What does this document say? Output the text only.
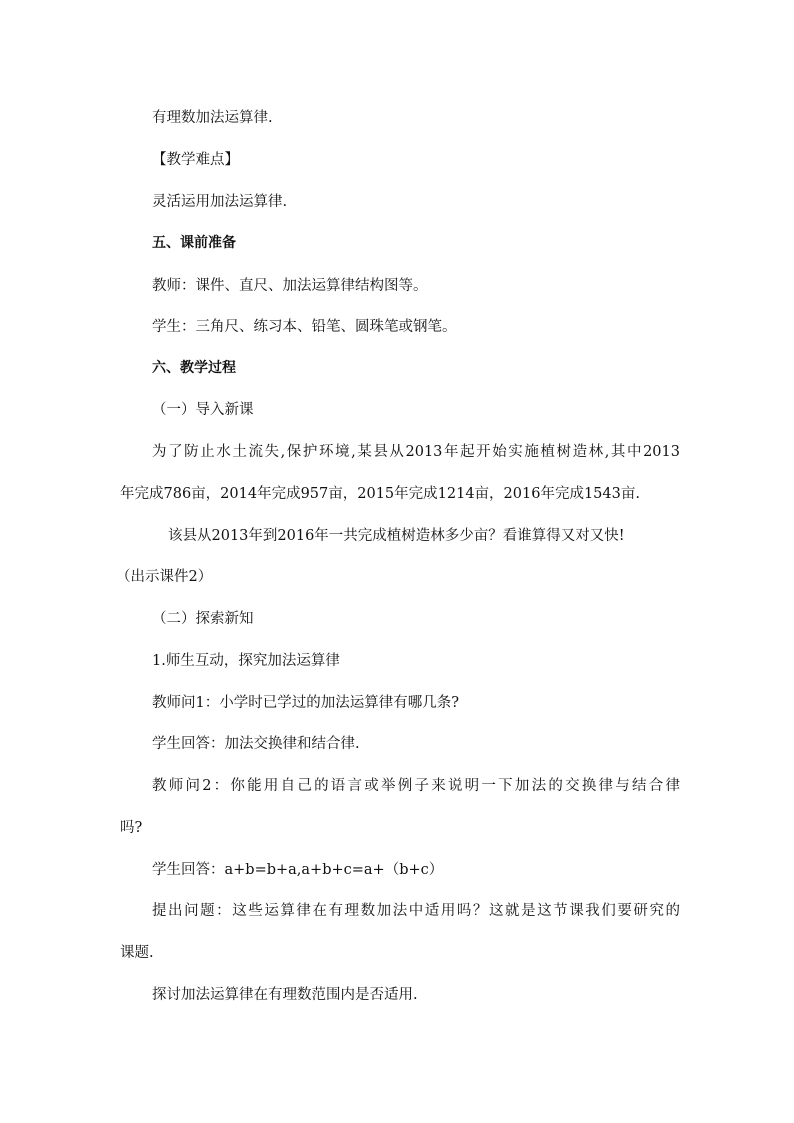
有理数加法运算律.
【教学难点】
灵活运用加法运算律.
五、课前准备
教师：课件、直尺、加法运算律结构图等。
学生：三角尺、练习本、铅笔、圆珠笔或钢笔。
六、教学过程
（一）导入新课
为了防止水土流失,保护环境,某县从2013年起开始实施植树造林,其中2013
年完成786亩，2014年完成957亩，2015年完成1214亩，2016年完成1543亩.
该县从2013年到2016年一共完成植树造林多少亩？看谁算得又对又快!
（出示课件2）
（二）探索新知
1.师生互动，探究加法运算律
教师问1：小学时已学过的加法运算律有哪几条?
学生回答：加法交换律和结合律.
教师问2：你能用自己的语言或举例子来说明一下加法的交换律与结合律
吗?
学生回答：a+b=b+a,a+b+c=a+（b+c）
提出问题：这些运算律在有理数加法中适用吗？这就是这节课我们要研究的
课题.
探讨加法运算律在有理数范围内是否适用.
